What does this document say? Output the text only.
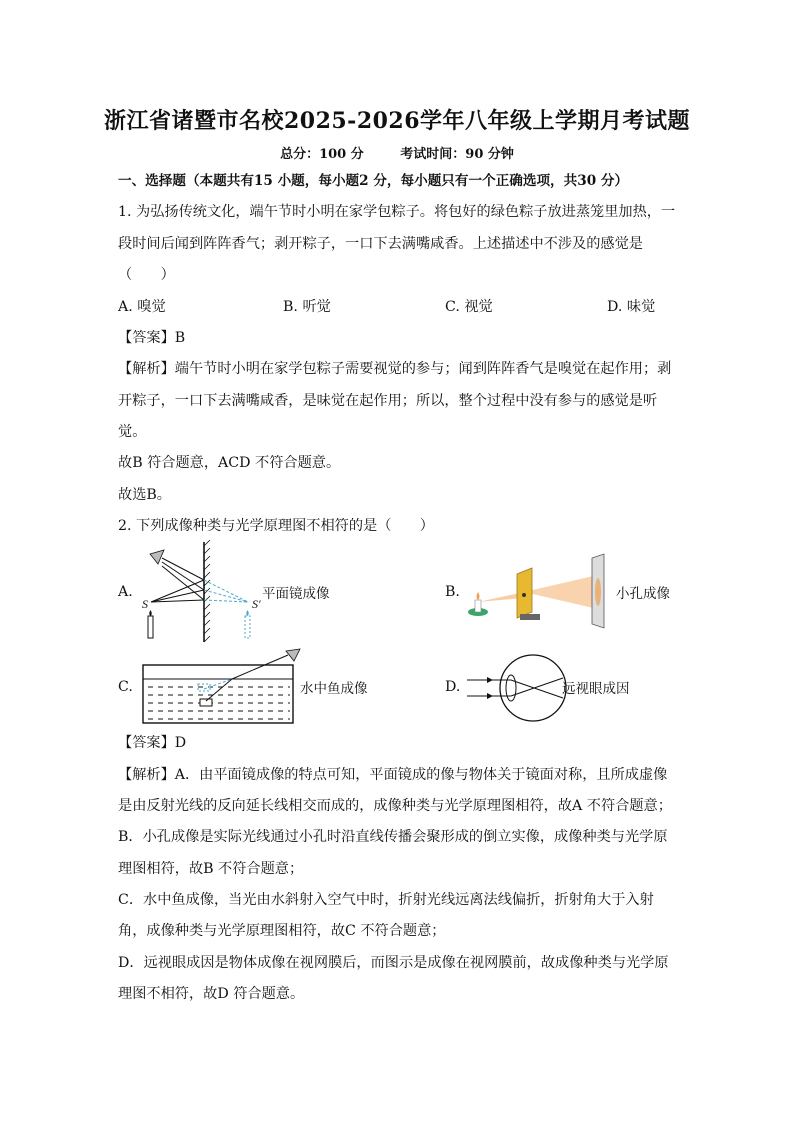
浙江省诸暨市名校2025-2026学年八年级上学期月考试题
总分：100 分	考试时间：90 分钟
一、选择题（本题共有15 小题，每小题2 分，每小题只有一个正确选项，共30 分）
1. 为弘扬传统文化，端午节时小明在家学包粽子。将包好的绿色粽子放进蒸笼里加热，一
段时间后闻到阵阵香气；剥开粽子，一口下去满嘴咸香。上述描述中不涉及的感觉是
（　　）
A. 嗅觉	B. 听觉	C. 视觉	D. 味觉
【答案】B
【解析】端午节时小明在家学包粽子需要视觉的参与；闻到阵阵香气是嗅觉在起作用；剥
开粽子，一口下去满嘴咸香，是味觉在起作用；所以，整个过程中没有参与的感觉是听
觉。
故B 符合题意，ACD 不符合题意。
故选B。
2. 下列成像种类与光学原理图不相符的是（　　）
A.
S	S′
平面镜成像	B.	小孔成像
C.	水中鱼成像	D.	远视眼成因
【答案】D
【解析】A．由平面镜成像的特点可知，平面镜成的像与物体关于镜面对称，且所成虚像
是由反射光线的反向延长线相交而成的，成像种类与光学原理图相符，故A 不符合题意；
B．小孔成像是实际光线通过小孔时沿直线传播会聚形成的倒立实像，成像种类与光学原
理图相符，故B 不符合题意；
C．水中鱼成像，当光由水斜射入空气中时，折射光线远离法线偏折，折射角大于入射
角，成像种类与光学原理图相符，故C 不符合题意；
D．远视眼成因是物体成像在视网膜后，而图示是成像在视网膜前，故成像种类与光学原
理图不相符，故D 符合题意。
